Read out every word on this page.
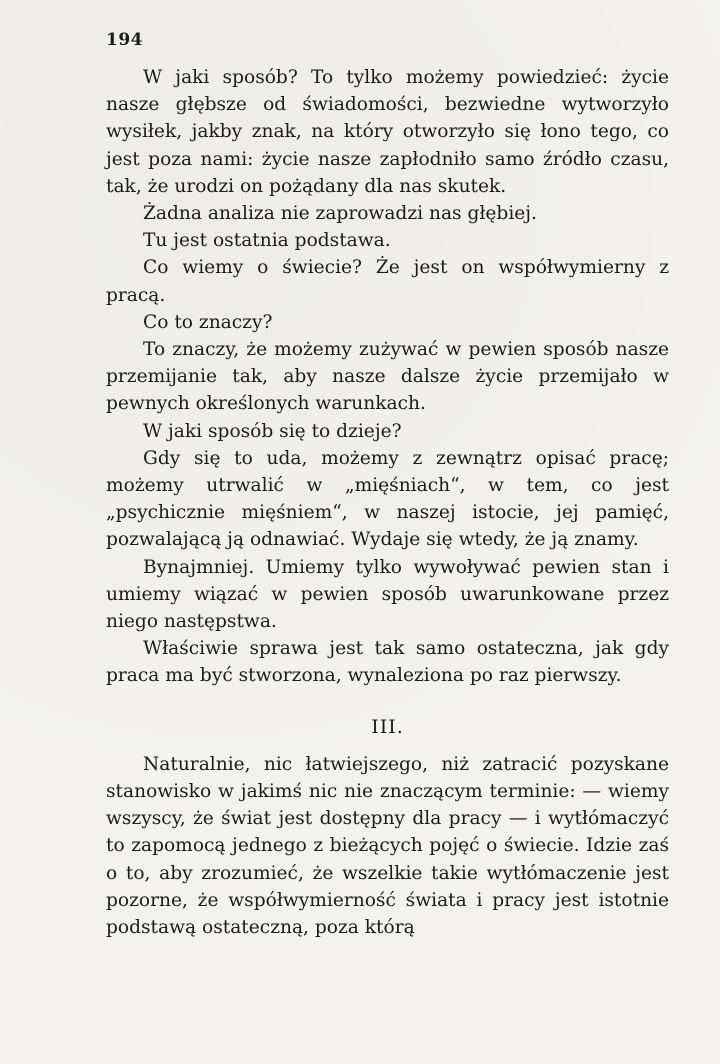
194

W jaki sposób? To tylko możemy powiedzieć: życie nasze głębsze od świadomości, bezwiedne wytworzyło wysiłek, jakby znak, na który otworzyło się łono tego, co jest poza nami: życie nasze zapłodniło samo źródło czasu, tak, że urodzi on pożądany dla nas skutek.

Żadna analiza nie zaprowadzi nas głębiej.

Tu jest ostatnia podstawa.

Co wiemy o świecie? Że jest on współwymierny z pracą.

Co to znaczy?

To znaczy, że możemy zużywać w pewien sposób nasze przemijanie tak, aby nasze dalsze życie przemijało w pewnych określonych warunkach.

W jaki sposób się to dzieje?

Gdy się to uda, możemy z zewnątrz opisać pracę; możemy utrwalić w „mięśniach“, w tem, co jest „psychicznie mięśniem“, w naszej istocie, jej pamięć, pozwalającą ją odnawiać. Wydaje się wtedy, że ją znamy.

Bynajmniej. Umiemy tylko wywoływać pewien stan i umiemy wiązać w pewien sposób uwarunkowane przez niego następstwa.

Właściwie sprawa jest tak samo ostateczna, jak gdy praca ma być stworzona, wynaleziona po raz pierwszy.

III.

Naturalnie, nic łatwiejszego, niż zatracić pozyskane stanowisko w jakimś nic nie znaczącym terminie: — wiemy wszyscy, że świat jest dostępny dla pracy — i wytłómaczyć to zapomocą jednego z bieżących pojęć o świecie. Idzie zaś o to, aby zrozumieć, że wszelkie takie wytłómaczenie jest pozorne, że współwymierność świata i pracy jest istotnie podstawą ostateczną, poza którą
